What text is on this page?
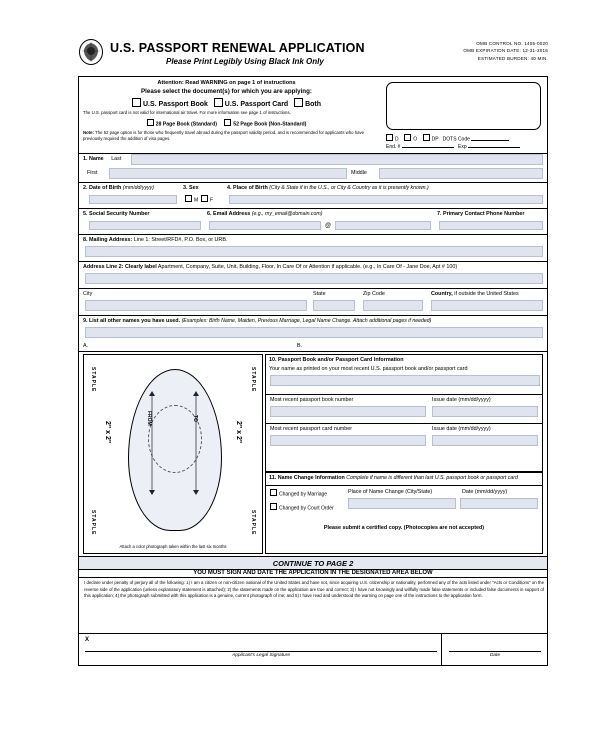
U.S. PASSPORT RENEWAL APPLICATION
Please Print Legibly Using Black Ink Only
OMB CONTROL NO. 1405-0020
OMB EXPIRATION DATE: 12-31-2016
ESTIMATED BURDEN: 40 MIN.
Attention: Read WARNING on page 1 of instructions
Please select the document(s) for which you are applying:
U.S. Passport Book U.S. Passport Card Both
The U.S. passport card is not valid for international air travel. For more information see page 1 of instructions.
28 Page Book (Standard)	52 Page Book (Non-Standard)
Note: The 52 page option is for those who frequently travel abroad during the passport validity period, and is recommended for applicants who have previously required the addition of visa pages.	D	O	DP DOTS Code
End. #	Exp
1. Name Last
First	Middle
2. Date of Birth (mm/dd/yyyy)	3. Sex
M F
4. Place of Birth (City & State if in the U.S., or City & Country as it is presently known.)
5. Social Security Number	6. Email Address (e.g., my_email@domain.com)
@
7. Primary Contact Phone Number
8. Mailing Address: Line 1: Street/RFD#, P.O. Box, or URB.
Address Line 2: Clearly label Apartment, Company, Suite, Unit, Building, Floor, In Care Of or Attention if applicable. (e.g., In Care Of - Jane Doe, Apt # 100)
City	State	Zip Code	Country, if outside the United States
9. List all other names you have used. (Examples: Birth Name, Maiden, Previous Marriage, Legal Name Change. Attach additional pages if needed)
A.	B.
STAPLE
STAPLE
STAPLE
STAPLE
2" x 2"	2" x 2"
FROM	TO
Attach a color photograph taken within the last six months
10. Passport Book and/or Passport Card Information
Your name as printed on your most recent U.S. passport book and/or passport card
Most recent passport book number	Issue date (mm/dd/yyyy)
Most recent passport card number	Issue date (mm/dd/yyyy)
11. Name Change Information Complete if name is different than last U.S. passport book or passport card
Changed by Marriage
Changed by Court Order
Place of Name Change (City/State)	Date (mm/dd/yyyy)
Please submit a certified copy. (Photocopies are not accepted)
CONTINUE TO PAGE 2
YOU MUST SIGN AND DATE THE APPLICATION IN THE DESIGNATED AREA BELOW
I declare under penalty of perjury all of the following: 1) I am a citizen or non-citizen national of the United States and have not, since acquiring U.S. citizenship or nationality, performed any of the acts listed under "Acts or Conditions" on the reverse side of the application (unless explanatory statement is attached); 2) the statements made on the application are true and correct; 3) I have not knowingly and willfully made false statements or included false documents in support of this application; 4) the photograph submitted with this application is a genuine, current photograph of me; and 5) I have read and understood the warning on page one of the instructions to the application form.
X
Applicant's Legal Signature	Date
